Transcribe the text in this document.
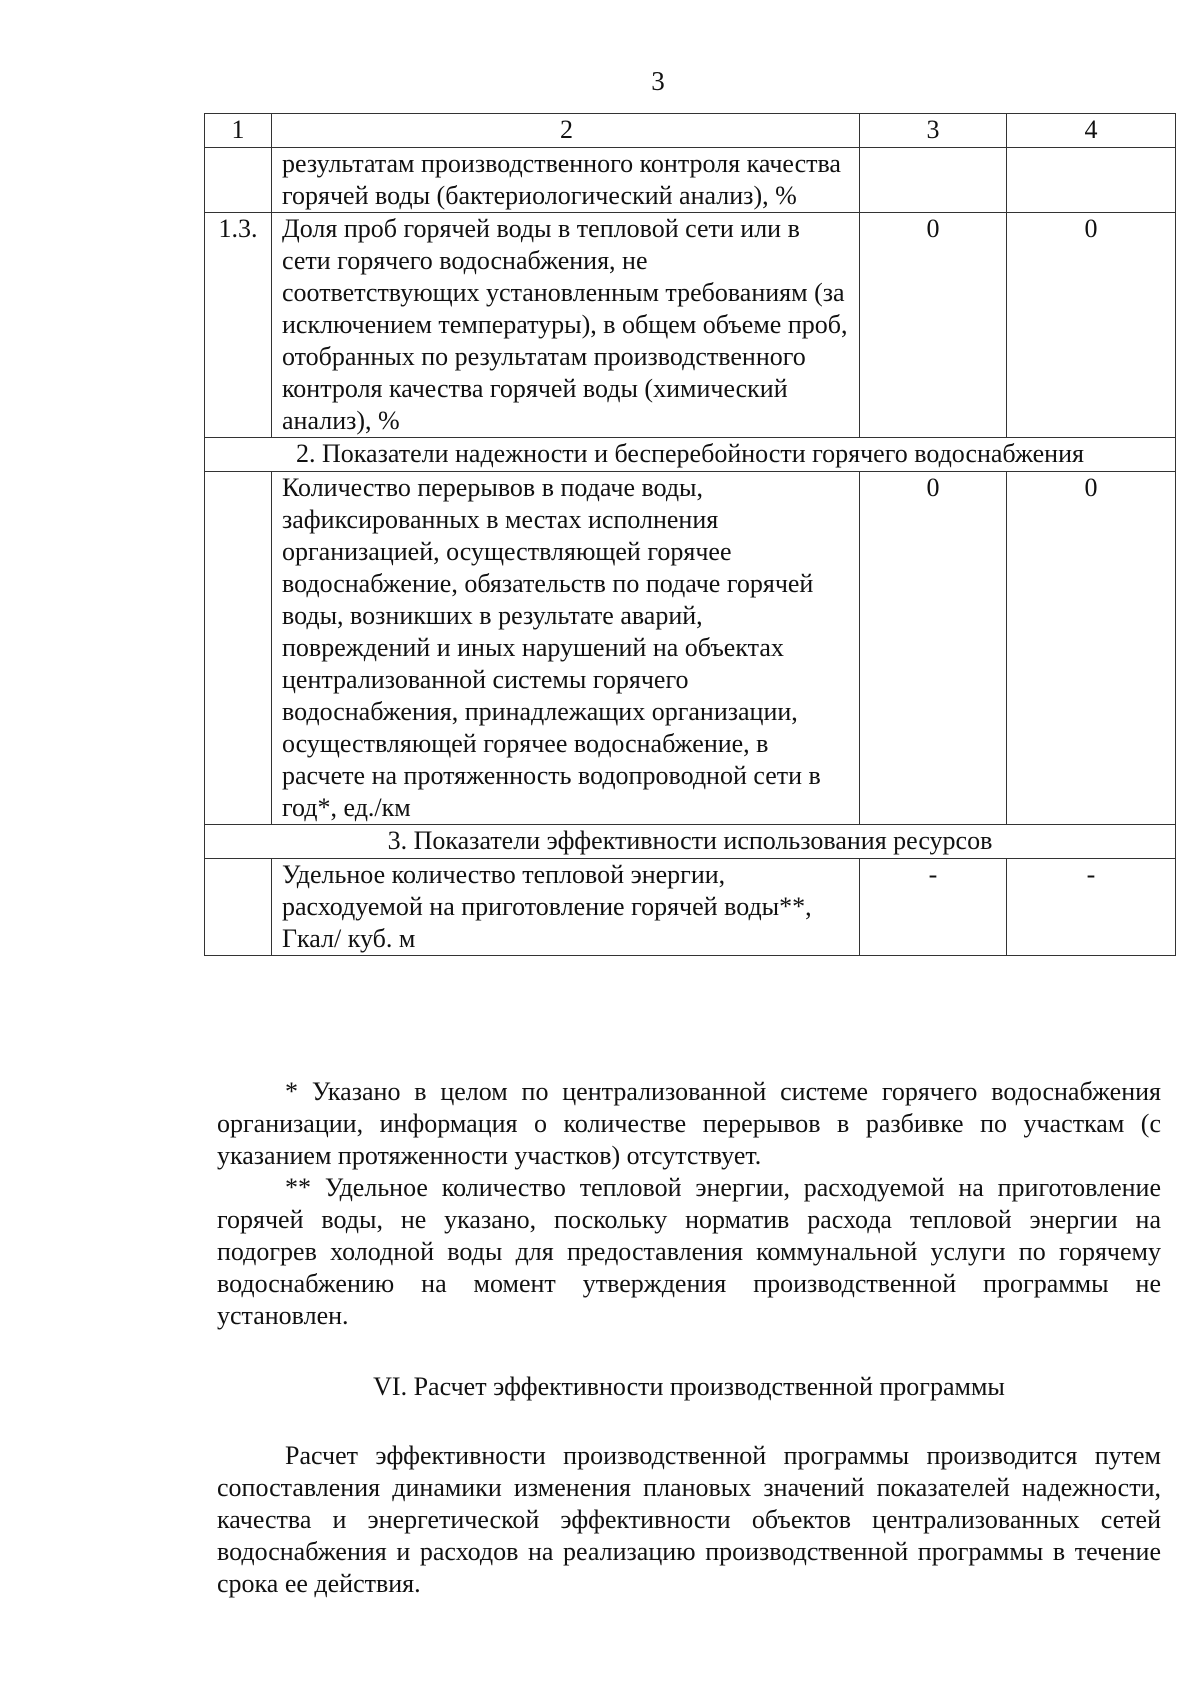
3
1	2	3	4
	результатам производственного контроля качества горячей воды (бактериологический анализ), %		
1.3.	Доля проб горячей воды в тепловой сети или в сети горячего водоснабжения, не соответствующих установленным требованиям (за исключением температуры), в общем объеме проб, отобранных по результатам производственного контроля качества горячей воды (химический анализ), %	0	0
2. Показатели надежности и бесперебойности горячего водоснабжения			
	Количество перерывов в подаче воды, зафиксированных в местах исполнения организацией, осуществляющей горячее водоснабжение, обязательств по подаче горячей воды, возникших в результате аварий, повреждений и иных нарушений на объектах централизованной системы горячего водоснабжения, принадлежащих организации, осуществляющей горячее водоснабжение, в расчете на протяженность водопроводной сети в год*, ед./км	0	0
3. Показатели эффективности использования ресурсов			
	Удельное количество тепловой энергии, расходуемой на приготовление горячей воды**, Гкал/ куб. м	-	-

* Указано в целом по централизованной системе горячего водоснабжения организации, информация о количестве перерывов в разбивке по участкам (с указанием протяженности участков) отсутствует.

** Удельное количество тепловой энергии, расходуемой на приготовление горячей воды, не указано, поскольку норматив расхода тепловой энергии на подогрев холодной воды для предоставления коммунальной услуги по горячему водоснабжению на момент утверждения производственной программы не установлен.

VI. Расчет эффективности производственной программы

Расчет эффективности производственной программы производится путем сопоставления динамики изменения плановых значений показателей надежности, качества и энергетической эффективности объектов централизованных сетей водоснабжения и расходов на реализацию производственной программы в течение срока ее действия.
